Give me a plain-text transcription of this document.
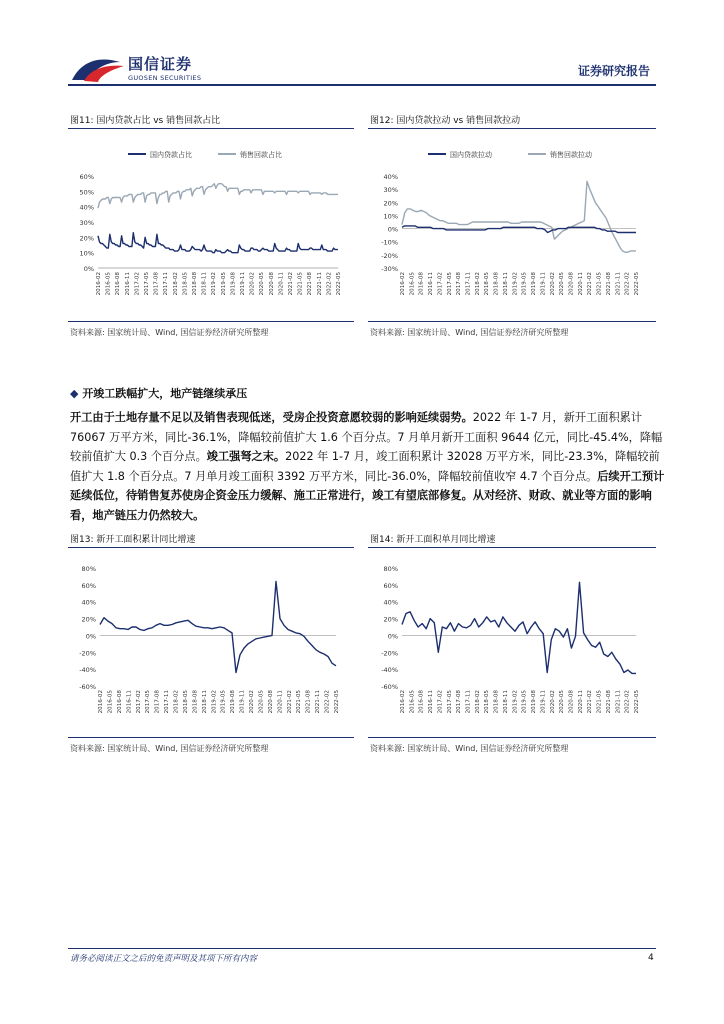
国信证券
GUOSEN SECURITIES	证券研究报告
图11: 国内贷款占比 vs 销售回款占比	图12: 国内贷款拉动 vs 销售回款拉动
0%
10%
20%
30%
40%
50%
60%
2016-02 2016-05 2016-08 2016-11 2017-02 2017-05 2017-08 2017-11 2018-02 2018-05 2018-08 2018-11 2019-02 2019-05 2019-08 2019-11 2020-02 2020-05 2020-08 2020-11 2021-02 2021-05 2021-08 2021-11 2022-02 2022-05
国内贷款占比	销售回款占比
-30%
-20%
-10%
0%
10%
20%
30%
40%
2016-02 2016-05 2016-08 2016-11 2017-02 2017-05 2017-08 2017-11 2018-02 2018-05 2018-08 2018-11 2019-02 2019-05 2019-08 2019-11 2020-02 2020-05 2020-08 2020-11 2021-02 2021-05 2021-08 2021-11 2022-02 2022-05
国内贷款拉动	销售回款拉动
资料来源: 国家统计局、Wind, 国信证券经济研究所整理	资料来源: 国家统计局、Wind, 国信证券经济研究所整理
◆ 开竣工跌幅扩大，地产链继续承压
开工由于土地存量不足以及销售表现低迷，受房企投资意愿较弱的影响延续弱势。2022 年 1-7 月，新开工面积累计 76067 万平方米，同比-36.1%，降幅较前值扩大 1.6 个百分点。7 月单月新开工面积 9644 亿元，同比-45.4%，降幅较前值扩大 0.3 个百分点。竣工强弩之末。2022 年 1-7 月，竣工面积累计 32028 万平方米，同比-23.3%，降幅较前值扩大 1.8 个百分点。7 月单月竣工面积 3392 万平方米，同比-36.0%，降幅较前值收窄 4.7 个百分点。后续开工预计延续低位，待销售复苏使房企资金压力缓解、施工正常进行，竣工有望底部修复。从对经济、财政、就业等方面的影响看，地产链压力仍然较大。
图13: 新开工面积累计同比增速	图14: 新开工面积单月同比增速
-60%
-40%
-20%
0%
20%
40%
60%
80%
2016-02 2016-05 2016-08 2016-11 2017-02 2017-05 2017-08 2017-11 2018-02 2018-05 2018-08 2018-11 2019-02 2019-05 2019-08 2019-11 2020-02 2020-05 2020-08 2020-11 2021-02 2021-05 2021-08 2021-11 2022-02 2022-05
-60%
-40%
-20%
0%
20%
40%
60%
80%
2016-02 2016-05 2016-08 2016-11 2017-02 2017-05 2017-08 2017-11 2018-02 2018-05 2018-08 2018-11 2019-02 2019-05 2019-08 2019-11 2020-02 2020-05 2020-08 2020-11 2021-02 2021-05 2021-08 2021-11 2022-02 2022-05
资料来源: 国家统计局、Wind, 国信证券经济研究所整理	资料来源: 国家统计局、Wind, 国信证券经济研究所整理
请务必阅读正文之后的免责声明及其项下所有内容	4
